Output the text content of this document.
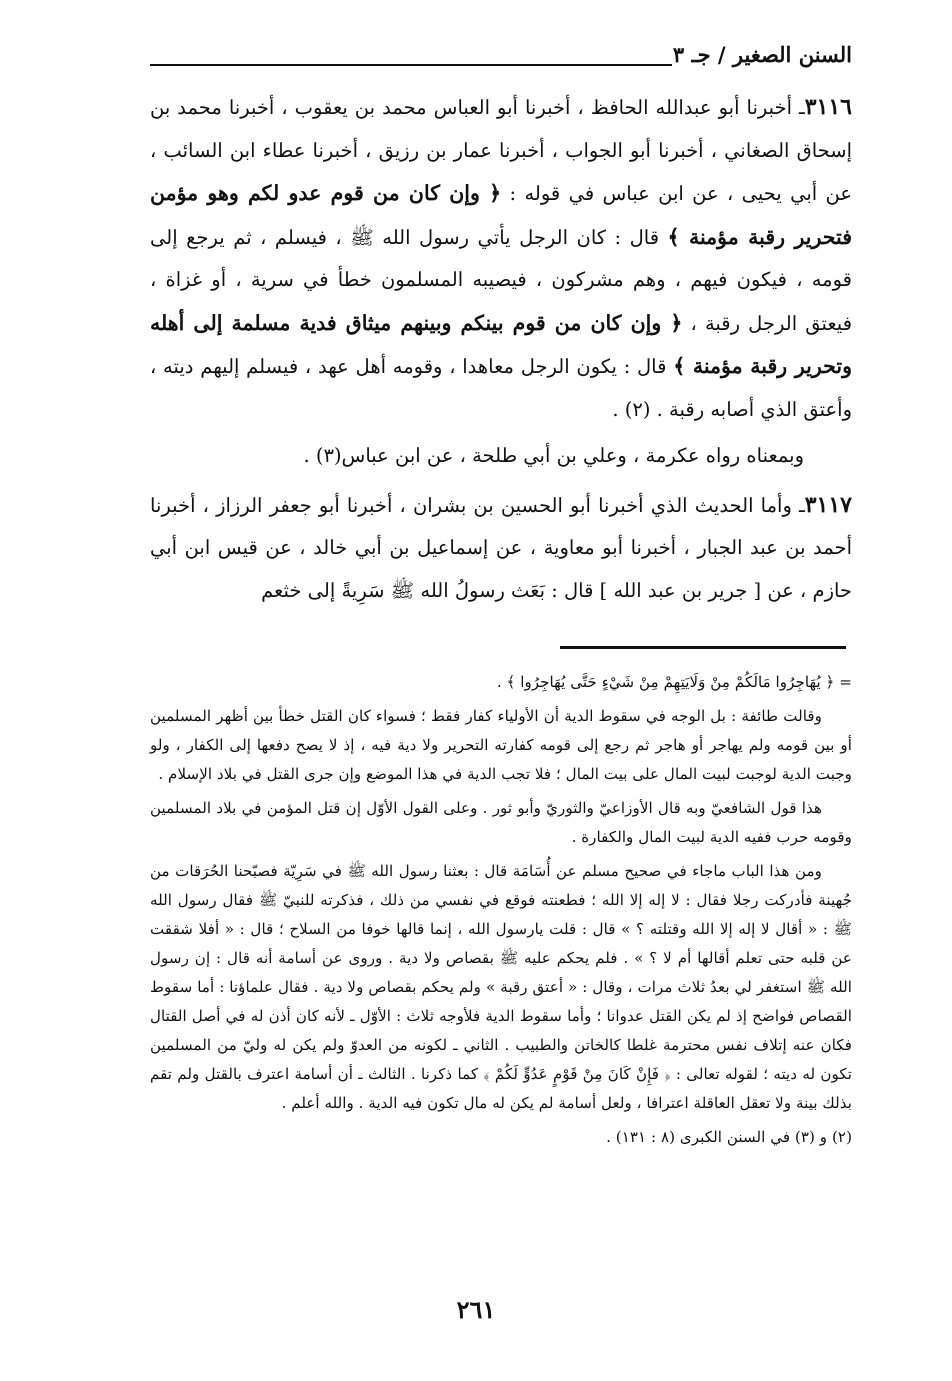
السنن الصغير / جـ ٣

٣١١٦ـ أخبرنا أبو عبدالله الحافظ ، أخبرنا أبو العباس محمد بن يعقوب ، أخبرنا محمد بن إسحاق الصغاني ، أخبرنا أبو الجواب ، أخبرنا عمار بن رزيق ، أخبرنا عطاء ابن السائب ، عن أبي يحيى ، عن ابن عباس في قوله : ﴿ وإن كان من قوم عدو لكم وهو مؤمن فتحرير رقبة مؤمنة ﴾ قال : كان الرجل يأتي رسول الله ﷺ ، فيسلم ، ثم يرجع إلى قومه ، فيكون فيهم ، وهم مشركون ، فيصيبه المسلمون خطأ في سرية ، أو غزاة ، فيعتق الرجل رقبة ، ﴿ وإن كان من قوم بينكم وبينهم ميثاق فدية مسلمة إلى أهله وتحرير رقبة مؤمنة ﴾ قال : يكون الرجل معاهدا ، وقومه أهل عهد ، فيسلم إليهم ديته ، وأعتق الذي أصابه رقبة . (٢) .

وبمعناه رواه عكرمة ، وعلي بن أبي طلحة ، عن ابن عباس(٣) .

٣١١٧ـ وأما الحديث الذي أخبرنا أبو الحسين بن بشران ، أخبرنا أبو جعفر الرزاز ، أخبرنا أحمد بن عبد الجبار ، أخبرنا أبو معاوية ، عن إسماعيل بن أبي خالد ، عن قيس ابن أبي حازم ، عن [ جرير بن عبد الله ] قال : بَعَث رسولُ الله ﷺ سَرِيةً إلى خثعم

= ﴿ يُهَاجِرُوا مَالَكُمْ مِنْ وَلَايَتِهِمْ مِنْ شَيْءٍ حَتَّى يُهَاجِرُوا ﴾ .

وقالت طائفة : بل الوجه في سقوط الدية أن الأولياء كفار فقط ؛ فسواء كان القتل خطأ بين أظهر المسلمين أو بين قومه ولم يهاجر أو هاجر ثم رجع إلى قومه كفارته التحرير ولا دية فيه ، إذ لا يصح دفعها إلى الكفار ، ولو وجبت الدية لوجبت لبيت المال على بيت المال ؛ فلا تجب الدية في هذا الموضع وإن جرى القتل في بلاد الإسلام .

هذا قول الشافعيّ وبه قال الأوزاعيّ والثوريّ وأبو ثور . وعلى القول الأوّل إن قتل المؤمن في بلاد المسلمين وقومه حرب ففيه الدية لبيت المال والكفارة .

ومن هذا الباب ماجاء في صحيح مسلم عن أُسَامَة قال : بعثنا رسول الله ﷺ في سَرِيّة فصبّحنا الحُرَقات من جُهينة فأدركت رجلا فقال : لا إله إلا الله ؛ فطعنته فوقع في نفسي من ذلك ، فذكرته للنبيّ ﷺ فقال رسول الله ﷺ : « أقال لا إله إلا الله وقتلته ؟ » قال : قلت يارسول الله ، إنما قالها خوفا من السلاح ؛ قال : « أفلا شققت عن قلبه حتى تعلم أقالها أم لا ؟ » . فلم يحكم عليه ﷺ بقصاص ولا دية . وروى عن أسامة أنه قال : إن رسول الله ﷺ استغفر لي بعدُ ثلاث مرات ، وقال : « أعتق رقبة » ولم يحكم بقصاص ولا دية . فقال علماؤنا : أما سقوط القصاص فواضح إذ لم يكن القتل عدوانا ؛ وأما سقوط الدية فلأوجه ثلاث : الأوّل ـ لأنه كان أذن له في أصل القتال فكان عنه إتلاف نفس محترمة غلطا كالخاتن والطبيب . الثاني ـ لكونه من العدوّ ولم يكن له وليّ من المسلمين تكون له ديته ؛ لقوله تعالى : ﴿ فَإِنْ كَانَ مِنْ قَوْمٍ عَدُوٍّ لَكُمْ ﴾ كما ذكرنا . الثالث ـ أن أسامة اعترف بالقتل ولم تقم بذلك بينة ولا تعقل العاقلة اعترافا ، ولعل أسامة لم يكن له مال تكون فيه الدية . والله أعلم .

(٢) و (٣) في السنن الكبرى (٨ : ١٣١) .

٢٦١
